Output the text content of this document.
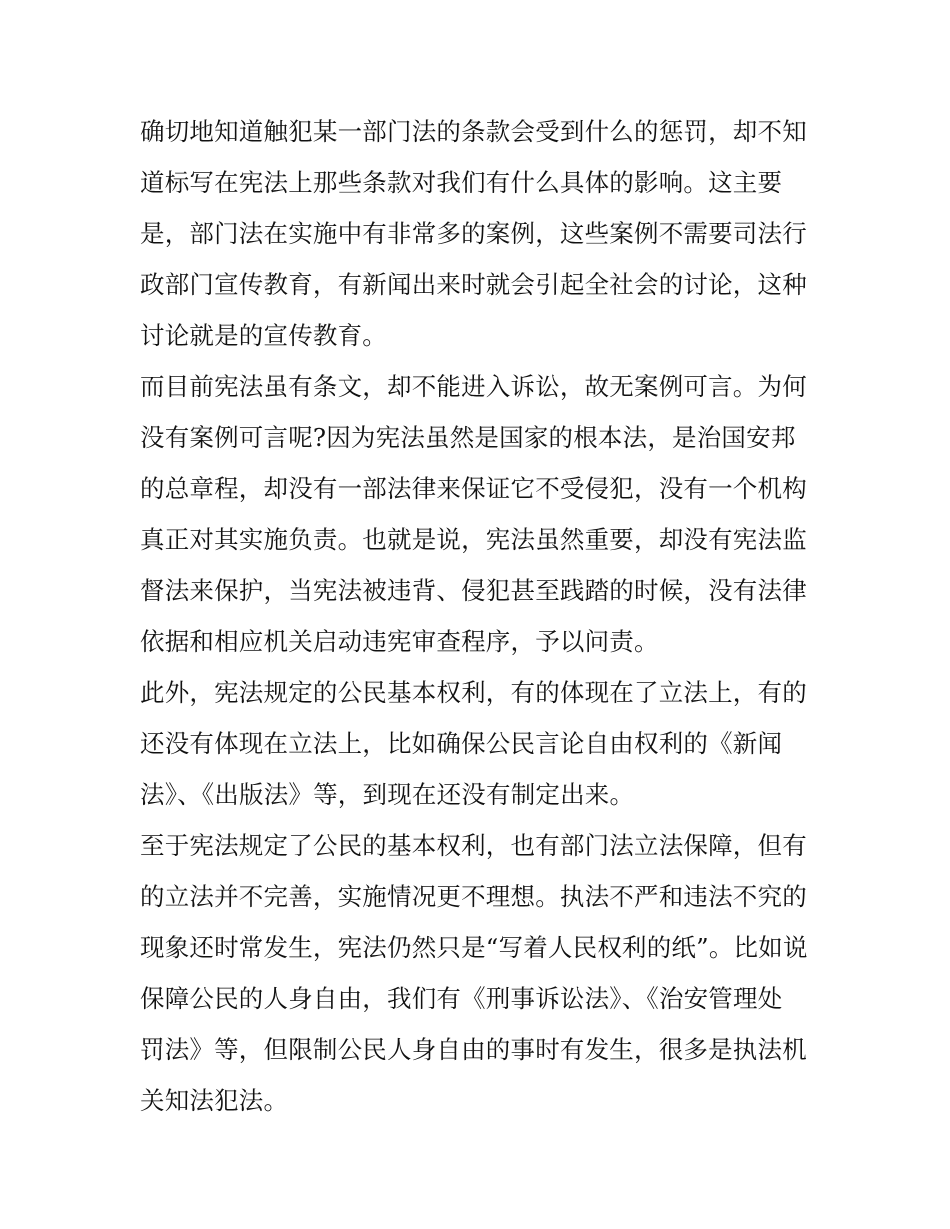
确切地知道触犯某一部门法的条款会受到什么的惩罚，却不知
道标写在宪法上那些条款对我们有什么具体的影响。这主要
是，部门法在实施中有非常多的案例，这些案例不需要司法行
政部门宣传教育，有新闻出来时就会引起全社会的讨论，这种
讨论就是的宣传教育。
而目前宪法虽有条文，却不能进入诉讼，故无案例可言。为何
没有案例可言呢?因为宪法虽然是国家的根本法，是治国安邦
的总章程，却没有一部法律来保证它不受侵犯，没有一个机构
真正对其实施负责。也就是说，宪法虽然重要，却没有宪法监
督法来保护，当宪法被违背、侵犯甚至践踏的时候，没有法律
依据和相应机关启动违宪审查程序，予以问责。
此外，宪法规定的公民基本权利，有的体现在了立法上，有的
还没有体现在立法上，比如确保公民言论自由权利的《新闻
法》、《出版法》等，到现在还没有制定出来。
至于宪法规定了公民的基本权利，也有部门法立法保障，但有
的立法并不完善，实施情况更不理想。执法不严和违法不究的
现象还时常发生，宪法仍然只是“写着人民权利的纸”。比如说
保障公民的人身自由，我们有《刑事诉讼法》、《治安管理处
罚法》等，但限制公民人身自由的事时有发生，很多是执法机
关知法犯法。
